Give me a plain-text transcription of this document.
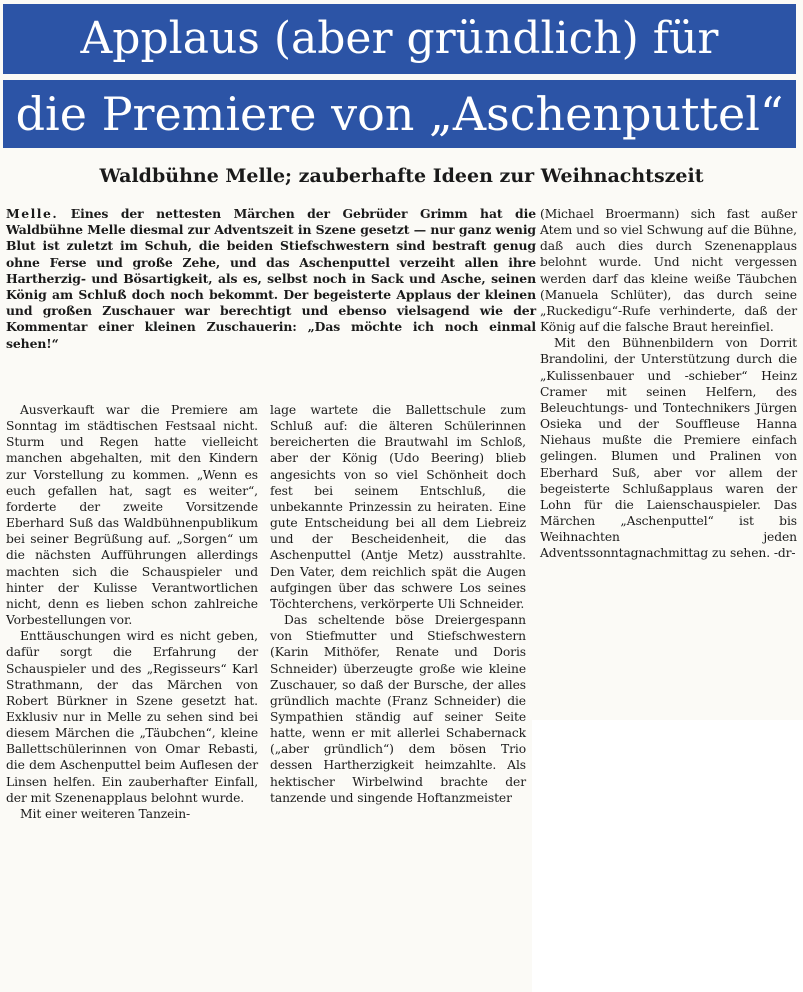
Applaus (aber gründlich) für
die Premiere von „Aschenputtel“
Waldbühne Melle; zauberhafte Ideen zur Weihnachtszeit
Melle. Eines der nettesten Märchen der Gebrüder Grimm hat die Waldbühne Melle diesmal zur Adventszeit in Szene gesetzt — nur ganz wenig Blut ist zuletzt im Schuh, die beiden Stiefschwestern sind bestraft genug ohne Ferse und große Zehe, und das Aschenputtel verzeiht allen ihre Hartherzig- und Bösartigkeit, als es, selbst noch in Sack und Asche, seinen König am Schluß doch noch bekommt. Der begeisterte Applaus der kleinen und großen Zuschauer war berechtigt und ebenso vielsagend wie der Kommentar einer kleinen Zuschauerin: „Das möchte ich noch einmal sehen!“

Ausverkauft war die Premiere am Sonntag im städtischen Festsaal nicht. Sturm und Regen hatte vielleicht manchen abgehalten, mit den Kindern zur Vorstellung zu kommen. „Wenn es euch gefallen hat, sagt es weiter“, forderte der zweite Vorsitzende Eberhard Suß das Waldbühnenpublikum bei seiner Begrüßung auf. „Sorgen“ um die nächsten Aufführungen allerdings machten sich die Schauspieler und hinter der Kulisse Verantwortlichen nicht, denn es lieben schon zahlreiche Vorbestellungen vor.

Enttäuschungen wird es nicht geben, dafür sorgt die Erfahrung der Schauspieler und des „Regisseurs“ Karl Strathmann, der das Märchen von Robert Bürkner in Szene gesetzt hat. Exklusiv nur in Melle zu sehen sind bei diesem Märchen die „Täubchen“, kleine Ballettschülerinnen von Omar Rebasti, die dem Aschenputtel beim Auflesen der Linsen helfen. Ein zauberhafter Einfall, der mit Szenenapplaus belohnt wurde.

Mit einer weiteren Tanzein-

lage wartete die Ballettschule zum Schluß auf: die älteren Schülerinnen bereicherten die Brautwahl im Schloß, aber der König (Udo Beering) blieb angesichts von so viel Schönheit doch fest bei seinem Entschluß, die unbekannte Prinzessin zu heiraten. Eine gute Entscheidung bei all dem Liebreiz und der Bescheidenheit, die das Aschenputtel (Antje Metz) ausstrahlte. Den Vater, dem reichlich spät die Augen aufgingen über das schwere Los seines Töchterchens, verkörperte Uli Schneider.

Das scheltende böse Dreiergespann von Stiefmutter und Stiefschwestern (Karin Mithöfer, Renate und Doris Schneider) überzeugte große wie kleine Zuschauer, so daß der Bursche, der alles gründlich machte (Franz Schneider) die Sympathien ständig auf seiner Seite hatte, wenn er mit allerlei Schabernack („aber gründlich“) dem bösen Trio dessen Hartherzigkeit heimzahlte. Als hektischer Wirbelwind brachte der tanzende und singende Hoftanzmeister

(Michael Broermann) sich fast außer Atem und so viel Schwung auf die Bühne, daß auch dies durch Szenenapplaus belohnt wurde. Und nicht vergessen werden darf das kleine weiße Täubchen (Manuela Schlüter), das durch seine „Ruckedigu“-Rufe verhinderte, daß der König auf die falsche Braut hereinfiel.

Mit den Bühnenbildern von Dorrit Brandolini, der Unterstützung durch die „Kulissenbauer und -schieber“ Heinz Cramer mit seinen Helfern, des Beleuchtungs- und Tontechnikers Jürgen Osieka und der Souffleuse Hanna Niehaus mußte die Premiere einfach gelingen. Blumen und Pralinen von Eberhard Suß, aber vor allem der begeisterte Schlußapplaus waren der Lohn für die Laienschauspieler. Das Märchen „Aschenputtel“ ist bis Weihnachten jeden Adventssonntagnachmittag zu sehen. -dr-
